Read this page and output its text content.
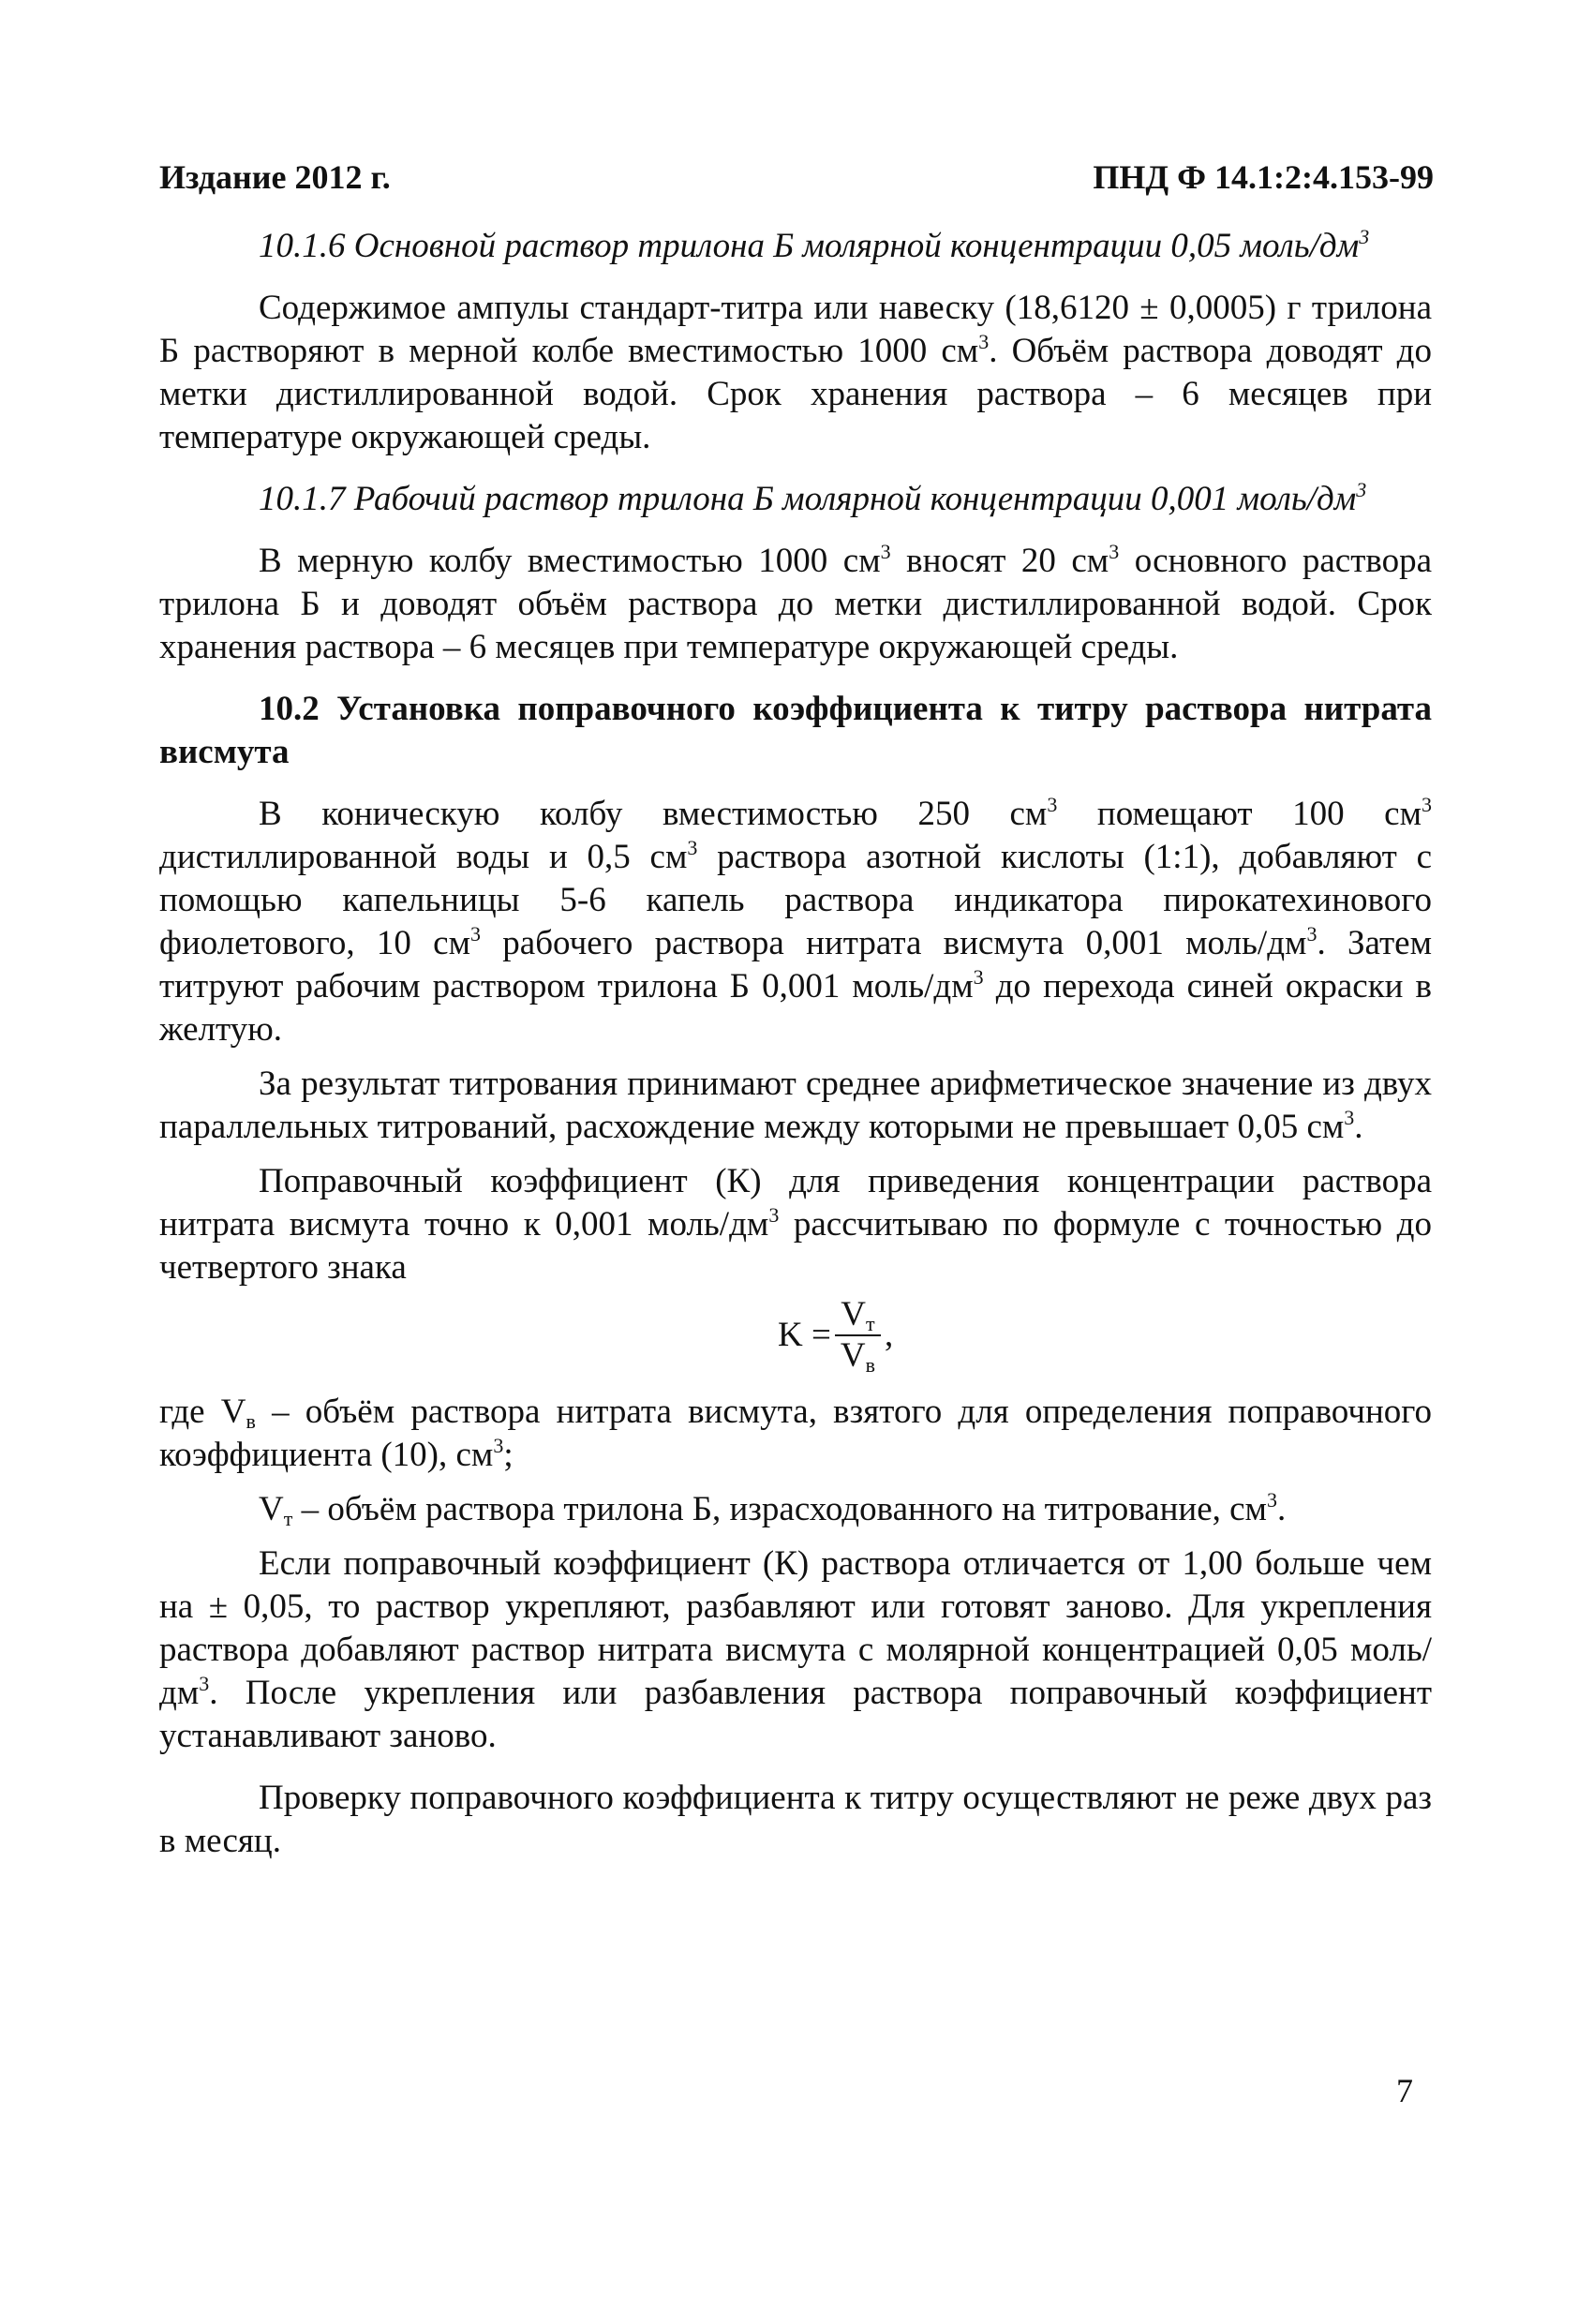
Издание 2012 г.	ПНД Ф 14.1:2:4.153-99

10.1.6 Основной раствор трилона Б молярной концентрации 0,05 моль/$дм^3$

Содержимое ампулы стандарт-титра или навеску (18,6120 ± 0,0005) г трилона Б растворяют в мерной колбе вместимостью 1000 $см^3$. Объём раствора доводят до метки дистиллированной водой. Срок хранения раствора – 6 месяцев при температуре окружающей среды.

10.1.7 Рабочий раствор трилона Б молярной концентрации 0,001 моль/$дм^3$

В мерную колбу вместимостью 1000 $см^3$ вносят 20 $см^3$ основного раствора трилона Б и доводят объём раствора до метки дистиллированной водой. Срок хранения раствора – 6 месяцев при температуре окружающей среды.

10.2 Установка поправочного коэффициента к титру раствора нитрата висмута

В коническую колбу вместимостью 250 $см^3$ помещают 100 $см^3$ дистиллированной воды и 0,5 $см^3$ раствора азотной кислоты (1:1), добавляют с помощью капельницы 5-6 капель раствора индикатора пирокатехинового фиолетового, 10 $см^3$ рабочего раствора нитрата висмута 0,001 моль/$дм^3$. Затем титруют рабочим раствором трилона Б 0,001 моль/$дм^3$ до перехода синей окраски в желтую.

За результат титрования принимают среднее арифметическое значение из двух параллельных титрований, расхождение между которыми не превышает 0,05 $см^3$.

Поправочный коэффициент (К) для приведения концентрации раствора нитрата висмута точно к 0,001 моль/$дм^3$ рассчитываю по формуле с точностью до четвертого знака

$K = \frac{V_т}{V_в}$ ,

где $V_в$ – объём раствора нитрата висмута, взятого для определения поправочного коэффициента (10), $см^3$;

$V_т$ – объём раствора трилона Б, израсходованного на титрование, $см^3$.

Если поправочный коэффициент (К) раствора отличается от 1,00 больше чем на ± 0,05, то раствор укрепляют, разбавляют или готовят заново. Для укрепления раствора добавляют раствор нитрата висмута с молярной концентрацией 0,05 моль/$дм^3$. После укрепления или разбавления раствора поправочный коэффициент устанавливают заново.

Проверку поправочного коэффициента к титру осуществляют не реже двух раз в месяц.

7
